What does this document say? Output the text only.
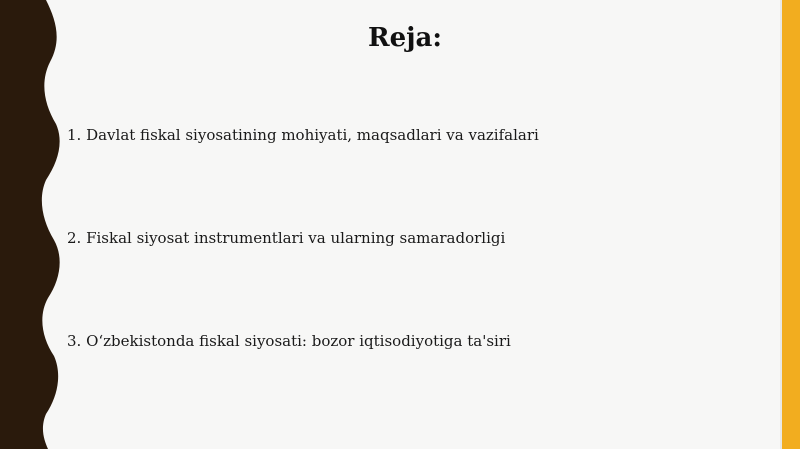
Reja:
1. Davlat fiskal siyosatining mohiyati, maqsadlari va vazifalari
2. Fiskal siyosat instrumentlari va ularning samaradorligi
3. O‘zbekistonda fiskal siyosati: bozor iqtisodiyotiga ta'siri
